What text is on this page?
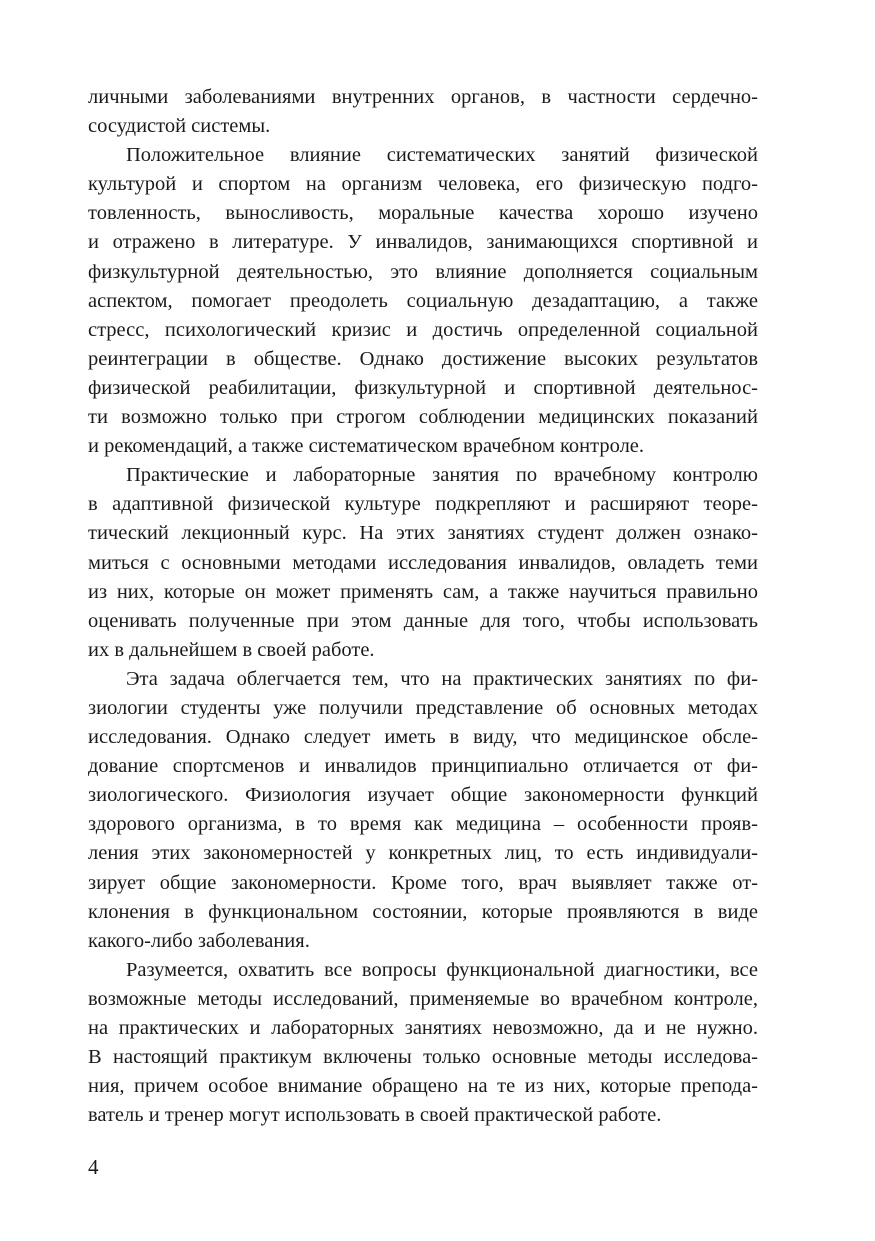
личными заболеваниями внутренних органов, в частности сердечно-
сосудистой системы.

Положительное влияние систематических занятий физической
культурой и спортом на организм человека, его физическую подго-
товленность, выносливость, моральные качества хорошо изучено
и отражено в литературе. У инвалидов, занимающихся спортивной и
физкультурной деятельностью, это влияние дополняется социальным
аспектом, помогает преодолеть социальную дезадаптацию, а также
стресс, психологический кризис и достичь определенной социальной
реинтеграции в обществе. Однако достижение высоких результатов
физической реабилитации, физкультурной и спортивной деятельнос-
ти возможно только при строгом соблюдении медицинских показаний
и рекомендаций, а также систематическом врачебном контроле.

Практические и лабораторные занятия по врачебному контролю
в адаптивной физической культуре подкрепляют и расширяют теоре-
тический лекционный курс. На этих занятиях студент должен ознако-
миться с основными методами исследования инвалидов, овладеть теми
из них, которые он может применять сам, а также научиться правильно
оценивать полученные при этом данные для того, чтобы использовать
их в дальнейшем в своей работе.

Эта задача облегчается тем, что на практических занятиях по фи-
зиологии студенты уже получили представление об основных методах
исследования. Однако следует иметь в виду, что медицинское обсле-
дование спортсменов и инвалидов принципиально отличается от фи-
зиологического. Физиология изучает общие закономерности функций
здорового организма, в то время как медицина – особенности прояв-
ления этих закономерностей у конкретных лиц, то есть индивидуали-
зирует общие закономерности. Кроме того, врач выявляет также от-
клонения в функциональном состоянии, которые проявляются в виде
какого-либо заболевания.

Разумеется, охватить все вопросы функциональной диагностики, все
возможные методы исследований, применяемые во врачебном контроле,
на практических и лабораторных занятиях невозможно, да и не нужно.
В настоящий практикум включены только основные методы исследова-
ния, причем особое внимание обращено на те из них, которые препода-
ватель и тренер могут использовать в своей практической работе.

4
